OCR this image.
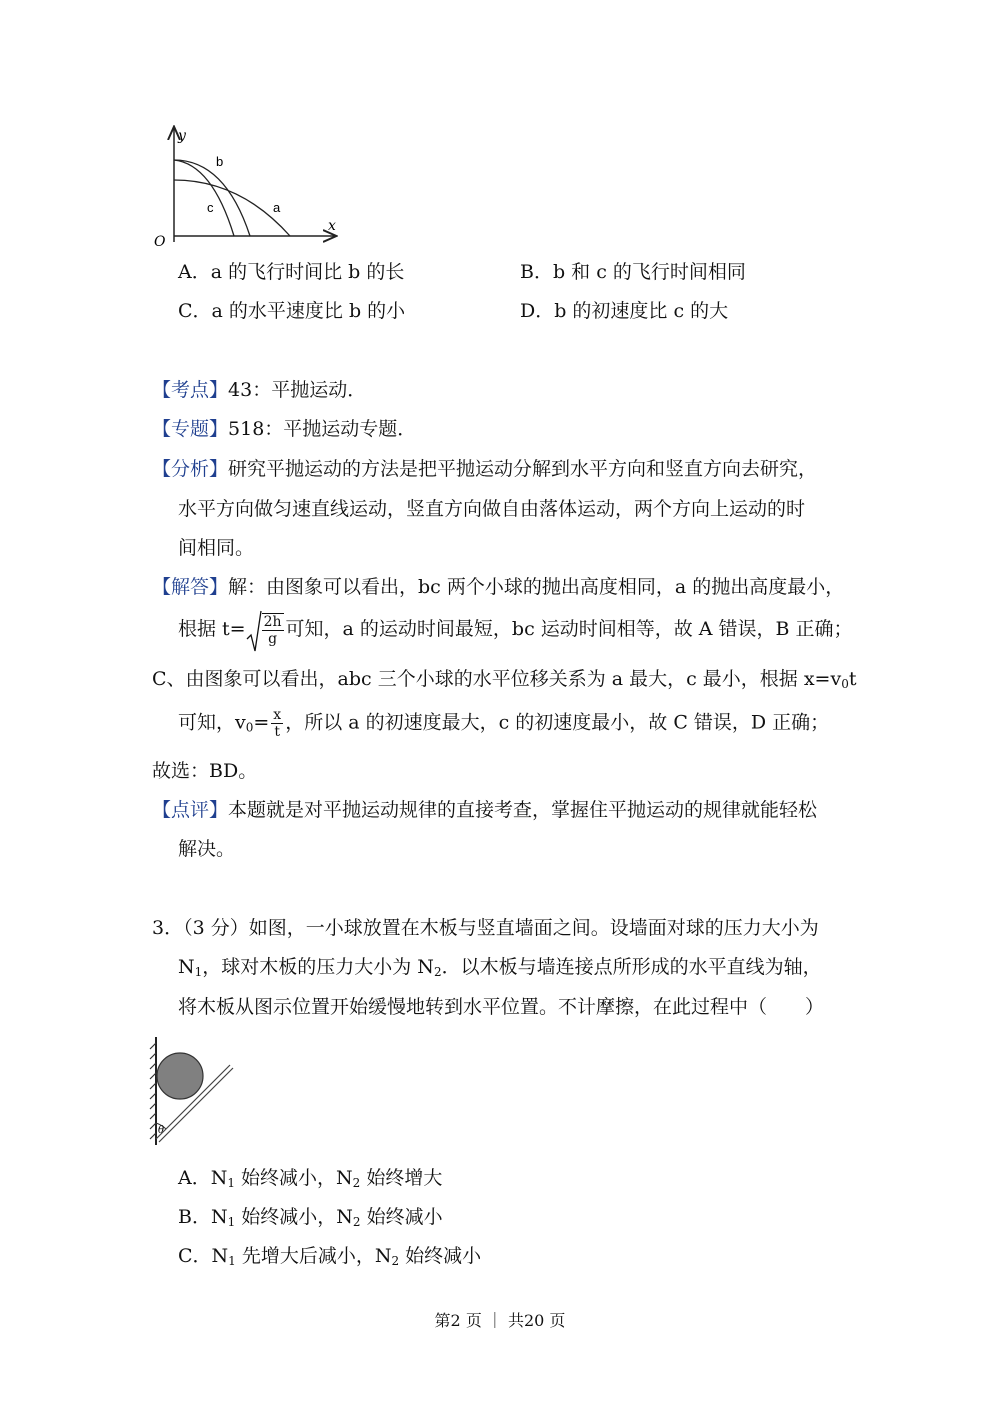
y
x
O
b
a
c
A．a 的飞行时间比 b 的长	B．b 和 c 的飞行时间相同
C．a 的水平速度比 b 的小	D．b 的初速度比 c 的大
【考点】43：平抛运动．
【专题】518：平抛运动专题．
【分析】研究平抛运动的方法是把平抛运动分解到水平方向和竖直方向去研究，
水平方向做匀速直线运动，竖直方向做自由落体运动，两个方向上运动的时
间相同。
【解答】解：由图象可以看出，bc 两个小球的抛出高度相同，a 的抛出高度最小，
根据 $t= \frac{2h}{g}$ 可知，a 的运动时间最短，bc 运动时间相等，故 A 错误，B 正确；
C、由图象可以看出，abc 三个小球的水平位移关系为 a 最大，c 最小，根据 $x=v_0t$
可知，$v_0= \frac{x}{t}$ ，所以 a 的初速度最大，c 的初速度最小，故 C 错误，D 正确；
故选：BD。
【点评】本题就是对平抛运动规律的直接考查，掌握住平抛运动的规律就能轻松
解决。
3．（3 分）如图，一小球放置在木板与竖直墙面之间。设墙面对球的压力大小为
$N_1$，球对木板的压力大小为 $N_2$．以木板与墙连接点所形成的水平直线为轴，
将木板从图示位置开始缓慢地转到水平位置。不计摩擦，在此过程中（　　）
θ
A．$N_1$ 始终减小，$N_2$ 始终增大
B．$N_1$ 始终减小，$N_2$ 始终减小
C．$N_1$ 先增大后减小，$N_2$ 始终减小
第2 页 ｜ 共20 页
